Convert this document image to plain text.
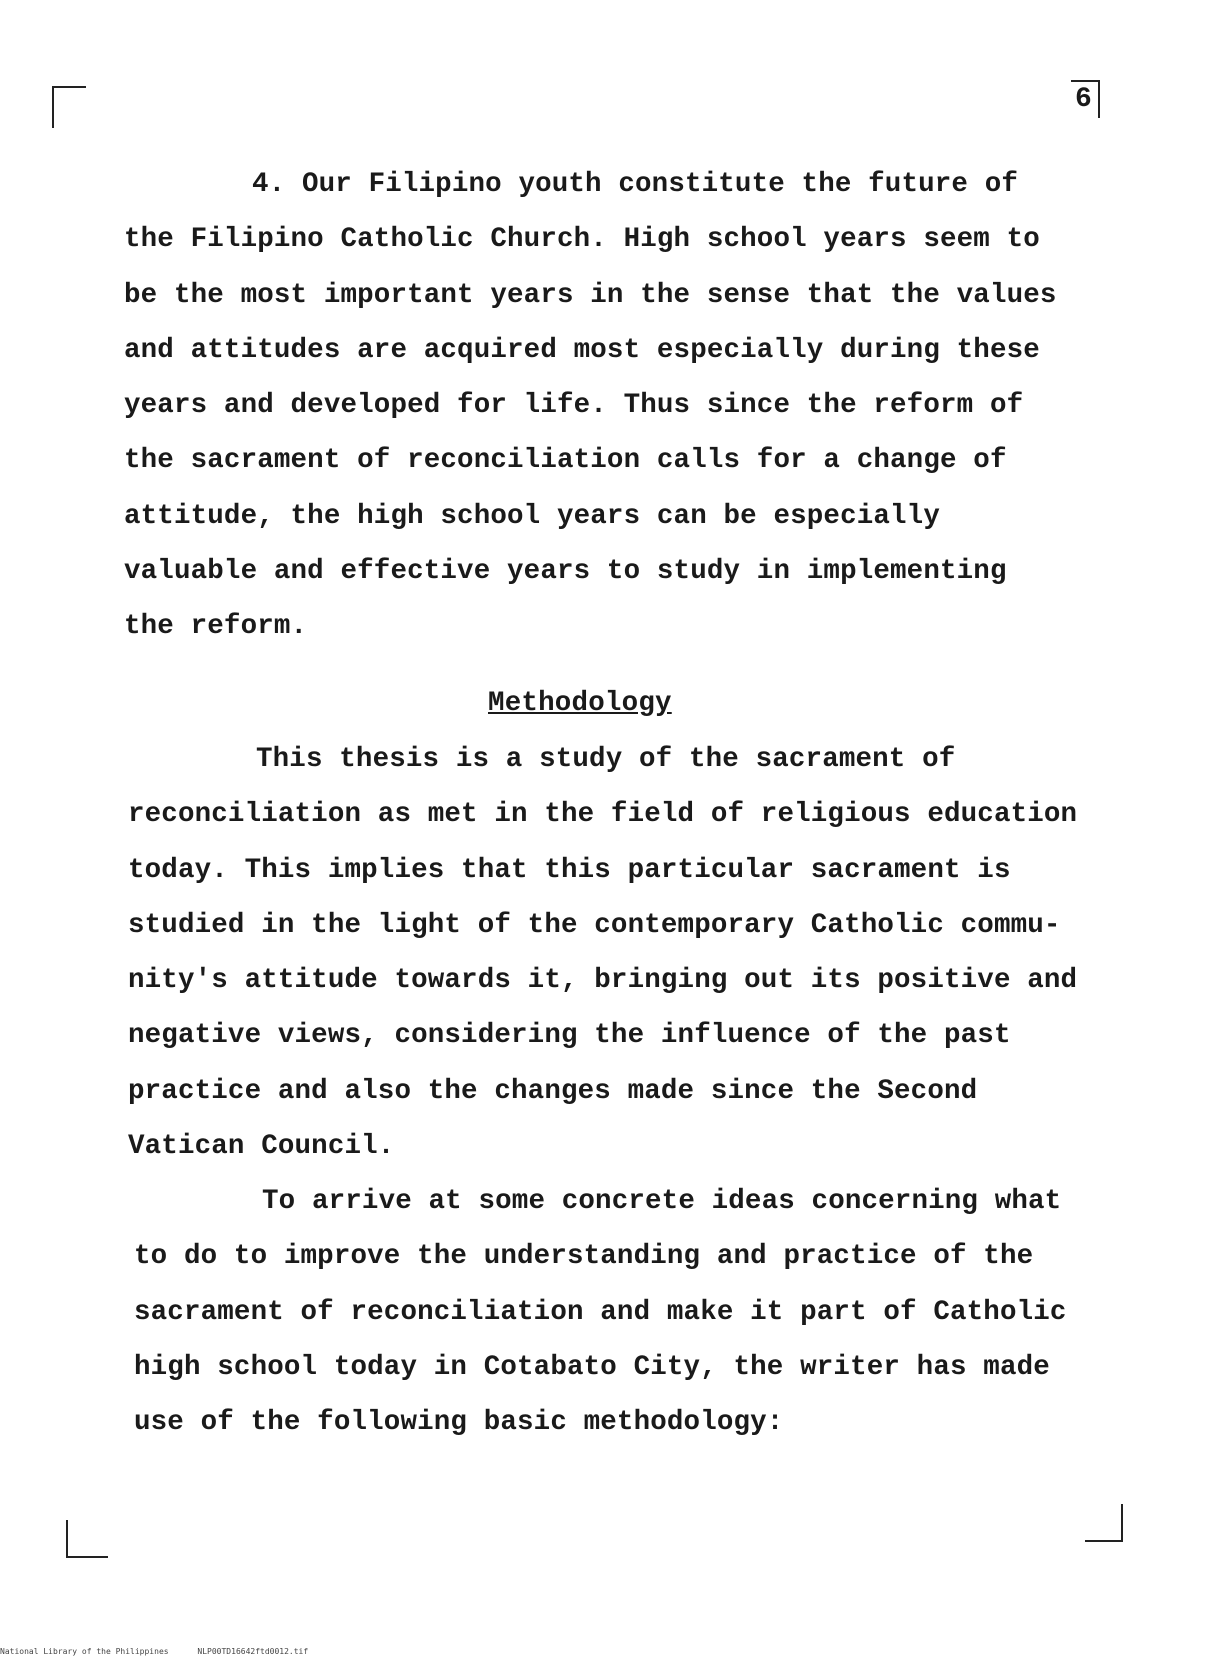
6
4. Our Filipino youth constitute the future of
the Filipino Catholic Church. High school years seem to
be the most important years in the sense that the values
and attitudes are acquired most especially during these
years and developed for life. Thus since the reform of
the sacrament of reconciliation calls for a change of
attitude, the high school years can be especially
valuable and effective years to study in implementing
the reform.
Methodology
This thesis is a study of the sacrament of
reconciliation as met in the field of religious education
today. This implies that this particular sacrament is
studied in the light of the contemporary Catholic commu-
nity's attitude towards it, bringing out its positive and
negative views, considering the influence of the past
practice and also the changes made since the Second
Vatican Council.
To arrive at some concrete ideas concerning what
to do to improve the understanding and practice of the
sacrament of reconciliation and make it part of Catholic
high school today in Cotabato City, the writer has made
use of the following basic methodology:
National Library of the Philippines	NLP00TD16642ftd0012.tif
